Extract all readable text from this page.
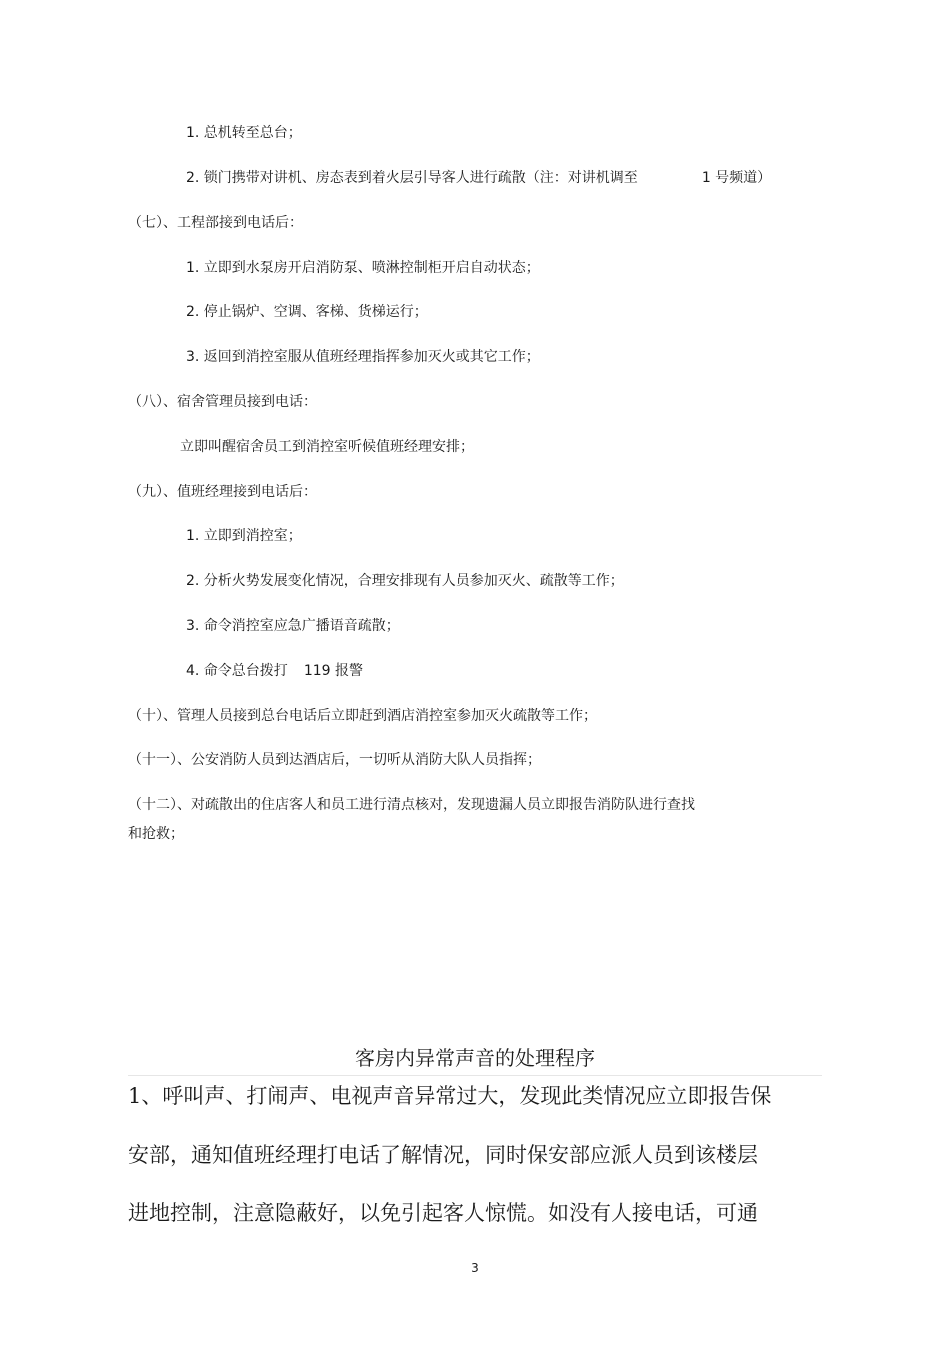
1. 总机转至总台；
2. 锁门携带对讲机、房态表到着火层引导客人进行疏散（注：对讲机调至	1 号频道）
（七）、工程部接到电话后：
1. 立即到水泵房开启消防泵、喷淋控制柜开启自动状态；
2. 停止锅炉、空调、客梯、货梯运行；
3. 返回到消控室服从值班经理指挥参加灭火或其它工作；
（八）、宿舍管理员接到电话：
立即叫醒宿舍员工到消控室听候值班经理安排；
（九）、值班经理接到电话后：
1. 立即到消控室；
2. 分析火势发展变化情况，合理安排现有人员参加灭火、疏散等工作；
3. 命令消控室应急广播语音疏散；
4. 命令总台拨打 119 报警
（十）、管理人员接到总台电话后立即赶到酒店消控室参加灭火疏散等工作；
（十一）、公安消防人员到达酒店后，一切听从消防大队人员指挥；
（十二）、对疏散出的住店客人和员工进行清点核对，发现遗漏人员立即报告消防队进行查找
和抢救；
客房内异常声音的处理程序
1、呼叫声、打闹声、电视声音异常过大，发现此类情况应立即报告保
安部，通知值班经理打电话了解情况，同时保安部应派人员到该楼层
进地控制，注意隐蔽好，以免引起客人惊慌。如没有人接电话，可通
3
